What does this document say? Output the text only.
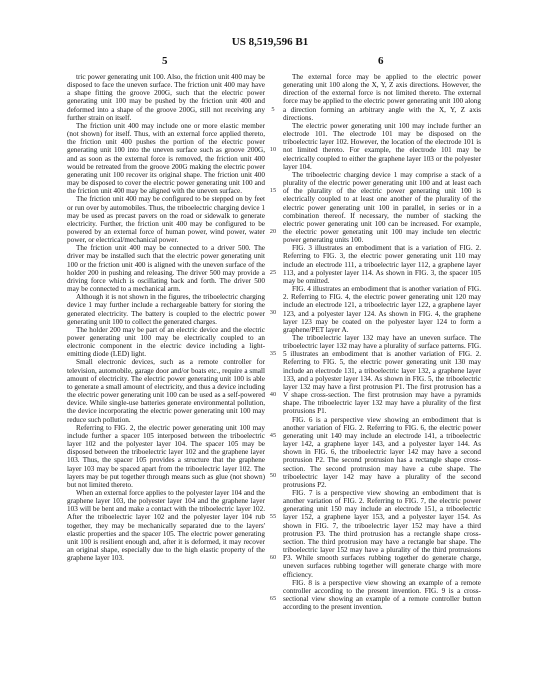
US 8,519,596 B1
5	6

tric power generating unit 100. Also, the friction unit 400 may be disposed to face the uneven surface. The friction unit 400 may have a shape fitting the groove 200G, such that the electric power generating unit 100 may be pushed by the friction unit 400 and deformed into a shape of the groove 200G, still not receiving any further strain on itself.

The friction unit 400 may include one or more elastic member (not shown) for itself. Thus, with an external force applied thereto, the friction unit 400 pushes the portion of the electric power generating unit 100 into the uneven surface such as groove 200G, and as soon as the external force is removed, the friction unit 400 would be retreated from the groove 200G making the electric power generating unit 100 recover its original shape. The friction unit 400 may be disposed to cover the electric power generating unit 100 and the friction unit 400 may be aligned with the uneven surface.

The friction unit 400 may be configured to be stepped on by feet or run over by automobiles. Thus, the triboelectric charging device 1 may be used as precast pavers on the road or sidewalk to generate electricity. Further, the friction unit 400 may be configured to be powered by an external force of human power, wind power, water power, or electrical/mechanical power.

The friction unit 400 may be connected to a driver 500. The driver may be installed such that the electric power generating unit 100 or the friction unit 400 is aligned with the uneven surface of the holder 200 in pushing and releasing. The driver 500 may provide a driving force which is oscillating back and forth. The driver 500 may be connected to a mechanical arm.

Although it is not shown in the figures, the triboelectric charging device 1 may further include a rechargeable battery for storing the generated electricity. The battery is coupled to the electric power generating unit 100 to collect the generated charges.

The holder 200 may be part of an electric device and the electric power generating unit 100 may be electrically coupled to an electronic component in the electric device including a light-emitting diode (LED) light.

Small electronic devices, such as a remote controller for television, automobile, garage door and/or boats etc., require a small amount of electricity. The electric power generating unit 100 is able to generate a small amount of electricity, and thus a device including the electric power generating unit 100 can be used as a self-powered device. While single-use batteries generate environmental pollution, the device incorporating the electric power generating unit 100 may reduce such pollution.

Referring to FIG. 2, the electric power generating unit 100 may include further a spacer 105 interposed between the triboelectric layer 102 and the polyester layer 104. The spacer 105 may be disposed between the triboelectric layer 102 and the graphene layer 103. Thus, the spacer 105 provides a structure that the graphene layer 103 may be spaced apart from the triboelectric layer 102. The layers may be put together through means such as glue (not shown) but not limited thereto.

When an external force applies to the polyester layer 104 and the graphene layer 103, the polyester layer 104 and the graphene layer 103 will be bent and make a contact with the triboelectric layer 102. After the triboelectric layer 102 and the polyester layer 104 rub together, they may be mechanically separated due to the layers' elastic properties and the spacer 105. The electric power generating unit 100 is resilient enough and, after it is deformed, it may recover an original shape, especially due to the high elastic property of the graphene layer 103.

5
10
15
20
25
30
35
40
45
50
55
60
65

The external force may be applied to the electric power generating unit 100 along the X, Y, Z axis directions. However, the direction of the external force is not limited thereto. The external force may be applied to the electric power generating unit 100 along a direction forming an arbitrary angle with the X, Y, Z axis directions.

The electric power generating unit 100 may include further an electrode 101. The electrode 101 may be disposed on the triboelectric layer 102. However, the location of the electrode 101 is not limited thereto. For example, the electrode 101 may be electrically coupled to either the graphene layer 103 or the polyester layer 104.

The triboelectric charging device 1 may comprise a stack of a plurality of the electric power generating unit 100 and at least each of the plurality of the electric power generating unit 100 is electrically coupled to at least one another of the plurality of the electric power generating unit 100 in parallel, in series or in a combination thereof. If necessary, the number of stacking the electric power generating unit 100 can be increased. For example, the electric power generating unit 100 may include ten electric power generating units 100.

FIG. 3 illustrates an embodiment that is a variation of FIG. 2. Referring to FIG. 3, the electric power generating unit 110 may include an electrode 111, a triboelectric layer 112, a graphene layer 113, and a polyester layer 114. As shown in FIG. 3, the spacer 105 may be omitted.

FIG. 4 illustrates an embodiment that is another variation of FIG. 2. Referring to FIG. 4, the electric power generating unit 120 may include an electrode 121, a triboelectric layer 122, a graphene layer 123, and a polyester layer 124. As shown in FIG. 4, the graphene layer 123 may be coated on the polyester layer 124 to form a graphene/PET layer A.

The triboelectric layer 132 may have an uneven surface. The triboelectric layer 132 may have a plurality of surface patterns. FIG. 5 illustrates an embodiment that is another variation of FIG. 2. Referring to FIG. 5, the electric power generating unit 130 may include an electrode 131, a triboelectric layer 132, a graphene layer 133, and a polyester layer 134. As shown in FIG. 5, the triboelectric layer 132 may have a first protrusion P1. The first protrusion has a V shape cross-section. The first protrusion may have a pyramids shape. The triboelectric layer 132 may have a plurality of the first protrusions P1.

FIG. 6 is a perspective view showing an embodiment that is another variation of FIG. 2. Referring to FIG. 6, the electric power generating unit 140 may include an electrode 141, a triboelectric layer 142, a graphene layer 143, and a polyester layer 144. As shown in FIG. 6, the triboelectric layer 142 may have a second protrusion P2. The second protrusion has a rectangle shape cross-section. The second protrusion may have a cube shape. The triboelectric layer 142 may have a plurality of the second protrusions P2.

FIG. 7 is a perspective view showing an embodiment that is another variation of FIG. 2. Referring to FIG. 7, the electric power generating unit 150 may include an electrode 151, a triboelectric layer 152, a graphene layer 153, and a polyester layer 154. As shown in FIG. 7, the triboelectric layer 152 may have a third protrusion P3. The third protrusion has a rectangle shape cross-section. The third protrusion may have a rectangle bar shape. The triboelectric layer 152 may have a plurality of the third protrusions P3. While smooth surfaces rubbing together do generate charge, uneven surfaces rubbing together will generate charge with more efficiency.

FIG. 8 is a perspective view showing an example of a remote controller according to the present invention. FIG. 9 is a cross-sectional view showing an example of a remote controller button according to the present invention.
